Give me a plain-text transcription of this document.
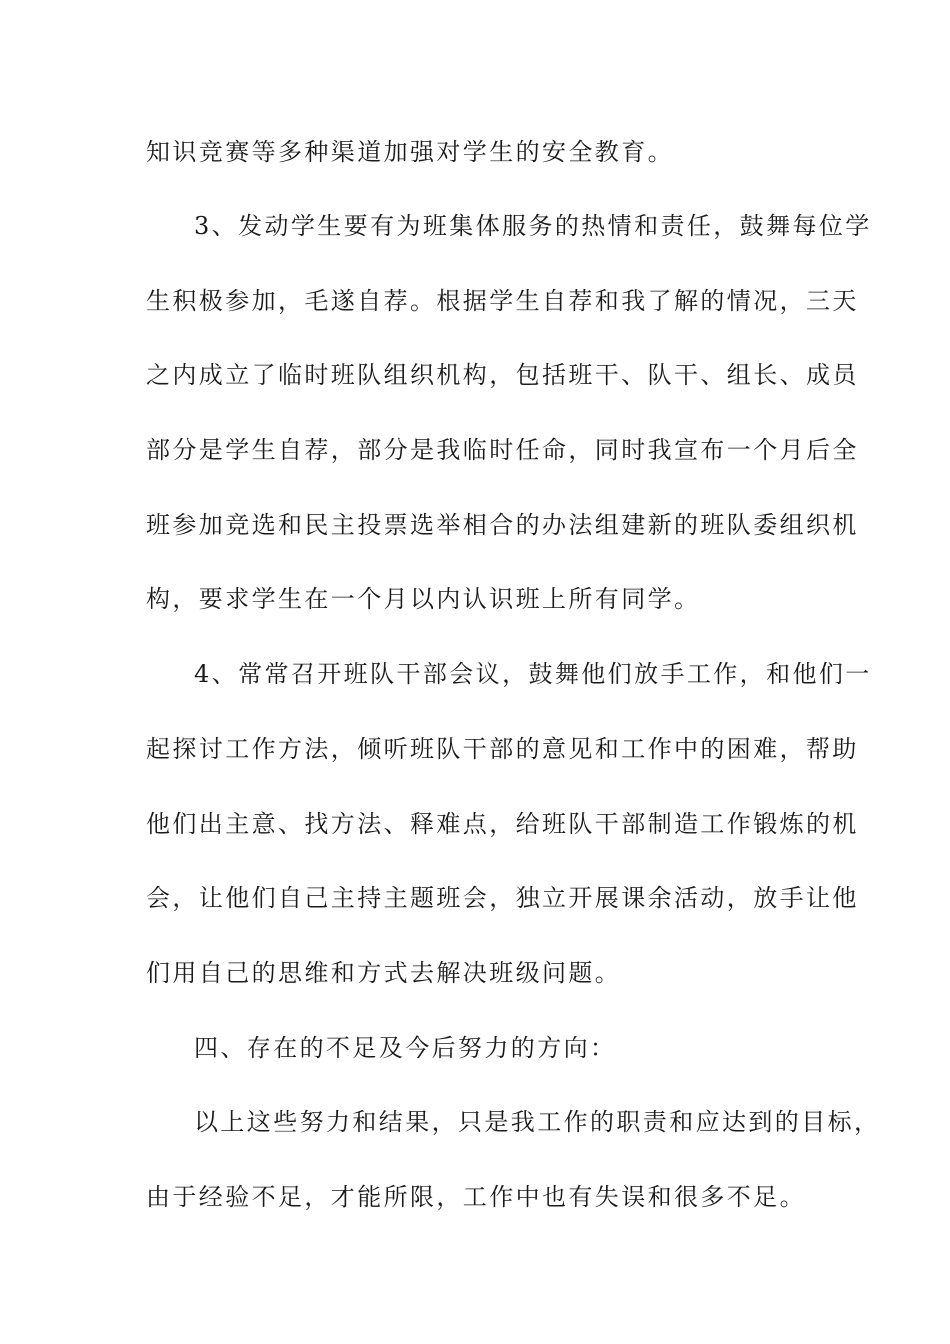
知识竞赛等多种渠道加强对学生的安全教育。
3、发动学生要有为班集体服务的热情和责任，鼓舞每位学
生积极参加，毛遂自荐。根据学生自荐和我了解的情况，三天
之内成立了临时班队组织机构，包括班干、队干、组长、成员
部分是学生自荐，部分是我临时任命，同时我宣布一个月后全
班参加竞选和民主投票选举相合的办法组建新的班队委组织机
构，要求学生在一个月以内认识班上所有同学。
4、常常召开班队干部会议，鼓舞他们放手工作，和他们一
起探讨工作方法，倾听班队干部的意见和工作中的困难，帮助
他们出主意、找方法、释难点，给班队干部制造工作锻炼的机
会，让他们自己主持主题班会，独立开展课余活动，放手让他
们用自己的思维和方式去解决班级问题。
四、存在的不足及今后努力的方向：
以上这些努力和结果，只是我工作的职责和应达到的目标，
由于经验不足，才能所限，工作中也有失误和很多不足。
